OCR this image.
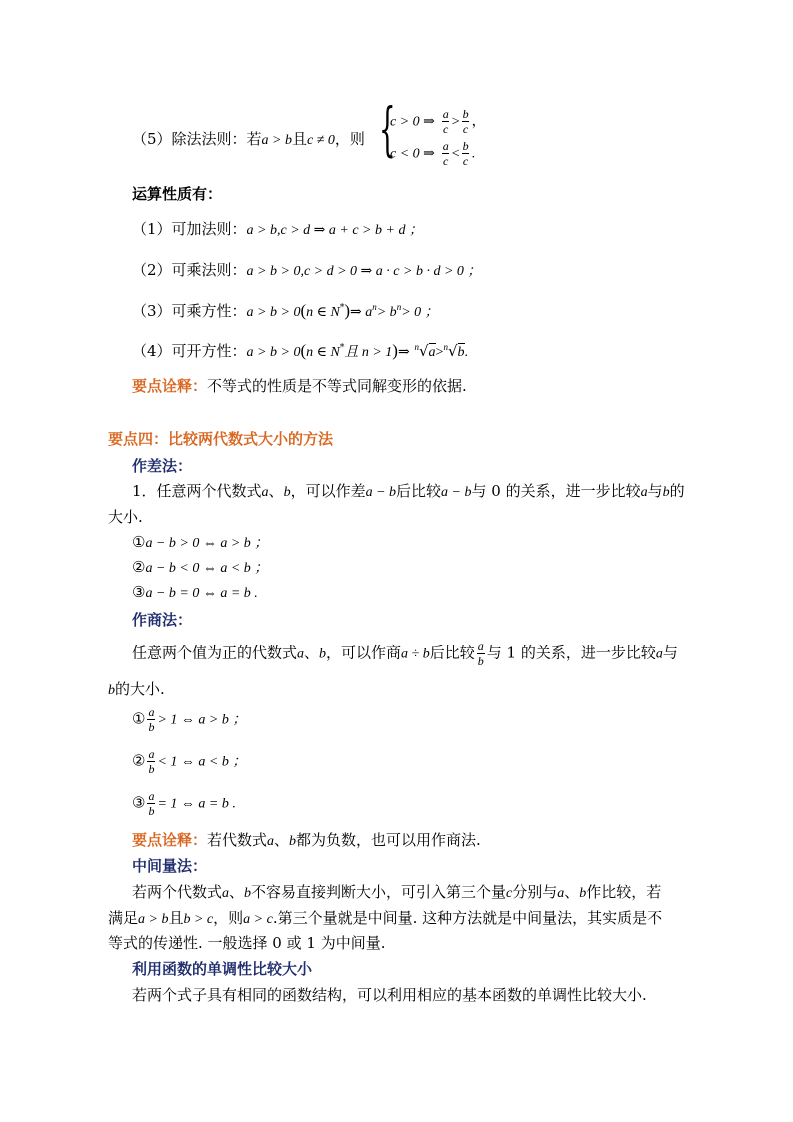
（5）除法法则：若a > b且c ≠ 0，则 {
c > 0 ⇒ $\frac{a}{c} > \frac{b}{c}$ ，
c < 0 ⇒ $\frac{a}{c} < \frac{b}{c}$ .
运算性质有：
（1）可加法则：a > b,c > d ⇒ a + c > b + d ；
（2）可乘法则：a > b > 0,c > d > 0 ⇒ a · c > b · d > 0 ；
（3）可乘方性：a > b > 0(n ∈ N*)⇒ $a^n> b^n> 0$ ；
（4）可开方性：a > b > 0(n ∈ N*且 n > 1)⇒ $^n$√a>$^n$√b.
要点诠释：不等式的性质是不等式同解变形的依据.
要点四：比较两代数式大小的方法
作差法：
1．任意两个代数式a、b，可以作差a − b后比较a − b与 0 的关系，进一步比较a与b的
大小.
①a − b > 0 ⇔ a > b ；
②a − b < 0 ⇔ a < b ；
③a − b = 0 ⇔ a = b .
作商法：
任意两个值为正的代数式a、b，可以作商a ÷ b后比较 $\frac{a}{b}$ 与 1 的关系，进一步比较a与
b的大小.
① $\frac{a}{b} > 1$ ⇔ a > b ；
② $\frac{a}{b} < 1$ ⇔ a < b ；
③ $\frac{a}{b} = 1$ ⇔ a = b .
要点诠释：若代数式a、b都为负数，也可以用作商法.
中间量法：
若两个代数式a、b不容易直接判断大小，可引入第三个量c分别与a、b作比较，若
满足a > b且b > c，则a > c.第三个量就是中间量. 这种方法就是中间量法，其实质是不
等式的传递性. 一般选择 0 或 1 为中间量.
利用函数的单调性比较大小
若两个式子具有相同的函数结构，可以利用相应的基本函数的单调性比较大小.
